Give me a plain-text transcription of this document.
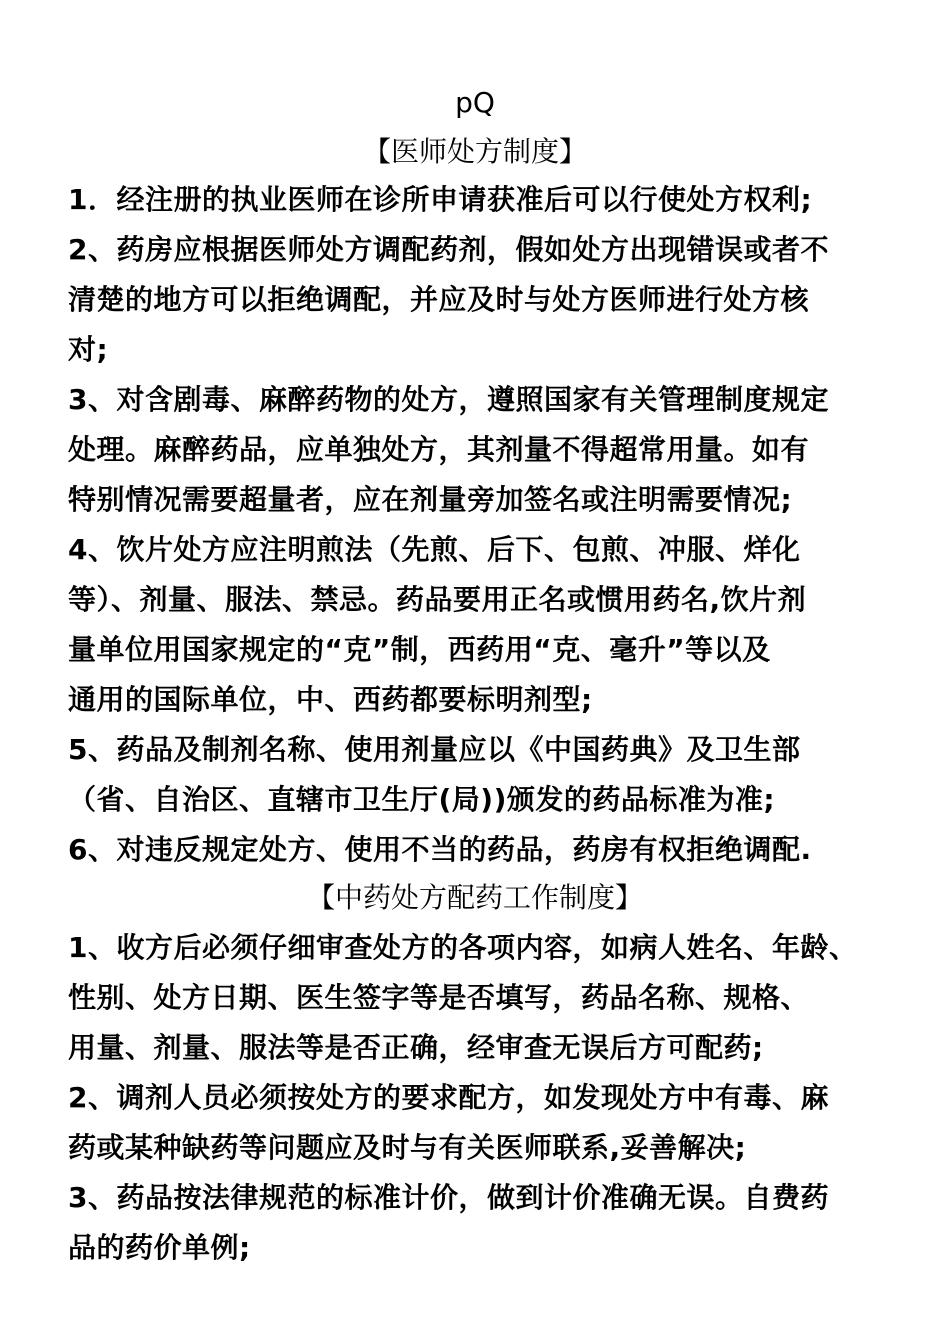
pQ
【医师处方制度】
1．经注册的执业医师在诊所申请获准后可以行使处方权利;
2、药房应根据医师处方调配药剂，假如处方出现错误或者不
清楚的地方可以拒绝调配，并应及时与处方医师进行处方核
对;
3、对含剧毒、麻醉药物的处方，遵照国家有关管理制度规定
处理。麻醉药品，应单独处方，其剂量不得超常用量。如有
特别情况需要超量者，应在剂量旁加签名或注明需要情况;
4、饮片处方应注明煎法（先煎、后下、包煎、冲服、烊化
等）、剂量、服法、禁忌。药品要用正名或惯用药名,饮片剂
量单位用国家规定的“克”制，西药用“克、毫升”等以及
通用的国际单位，中、西药都要标明剂型;
5、药品及制剂名称、使用剂量应以《中国药典》及卫生部
（省、自治区、直辖市卫生厅(局))颁发的药品标准为准;
6、对违反规定处方、使用不当的药品，药房有权拒绝调配.
【中药处方配药工作制度】
1、收方后必须仔细审查处方的各项内容，如病人姓名、年龄、
性别、处方日期、医生签字等是否填写，药品名称、规格、
用量、剂量、服法等是否正确，经审查无误后方可配药;
2、调剂人员必须按处方的要求配方，如发现处方中有毒、麻
药或某种缺药等问题应及时与有关医师联系,妥善解决;
3、药品按法律规范的标准计价，做到计价准确无误。自费药
品的药价单例;
